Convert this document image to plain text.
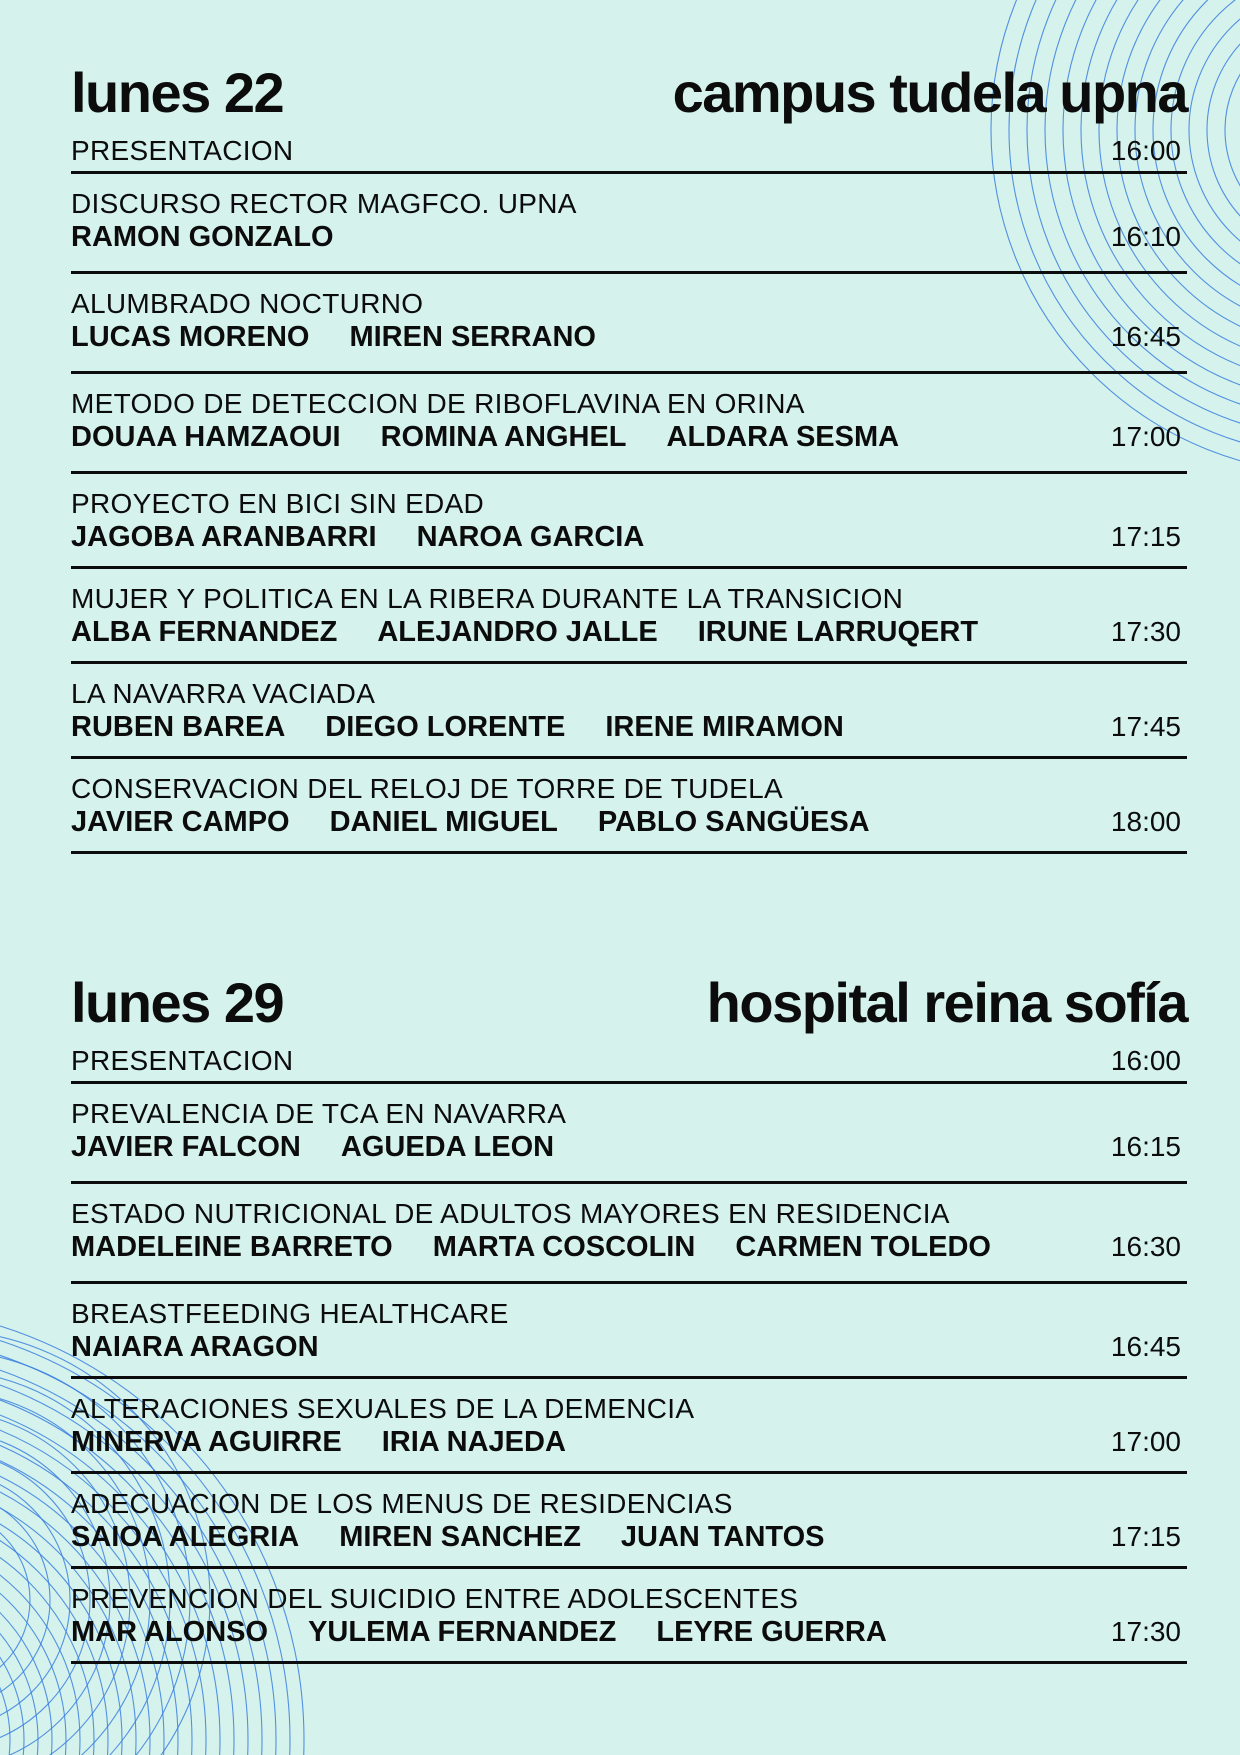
lunes 22	campus tudela upna
PRESENTACION	16:00
DISCURSO RECTOR MAGFCO. UPNA
RAMON GONZALO	16:10
ALUMBRADO NOCTURNO
LUCAS MORENO MIREN SERRANO	16:45
METODO DE DETECCION DE RIBOFLAVINA EN ORINA
DOUAA HAMZAOUI ROMINA ANGHEL ALDARA SESMA	17:00
PROYECTO EN BICI SIN EDAD
JAGOBA ARANBARRI NAROA GARCIA	17:15
MUJER Y POLITICA EN LA RIBERA DURANTE LA TRANSICION
ALBA FERNANDEZ ALEJANDRO JALLE IRUNE LARRUQERT	17:30
LA NAVARRA VACIADA
RUBEN BAREA DIEGO LORENTE IRENE MIRAMON	17:45
CONSERVACION DEL RELOJ DE TORRE DE TUDELA
JAVIER CAMPO DANIEL MIGUEL PABLO SANGÜESA	18:00
lunes 29	hospital reina sofía
PRESENTACION	16:00
PREVALENCIA DE TCA EN NAVARRA
JAVIER FALCON AGUEDA LEON	16:15
ESTADO NUTRICIONAL DE ADULTOS MAYORES EN RESIDENCIA
MADELEINE BARRETO MARTA COSCOLIN CARMEN TOLEDO	16:30
BREASTFEEDING HEALTHCARE
NAIARA ARAGON	16:45
ALTERACIONES SEXUALES DE LA DEMENCIA
MINERVA AGUIRRE IRIA NAJEDA	17:00
ADECUACION DE LOS MENUS DE RESIDENCIAS
SAIOA ALEGRIA MIREN SANCHEZ JUAN TANTOS	17:15
PREVENCION DEL SUICIDIO ENTRE ADOLESCENTES
MAR ALONSO YULEMA FERNANDEZ LEYRE GUERRA	17:30
